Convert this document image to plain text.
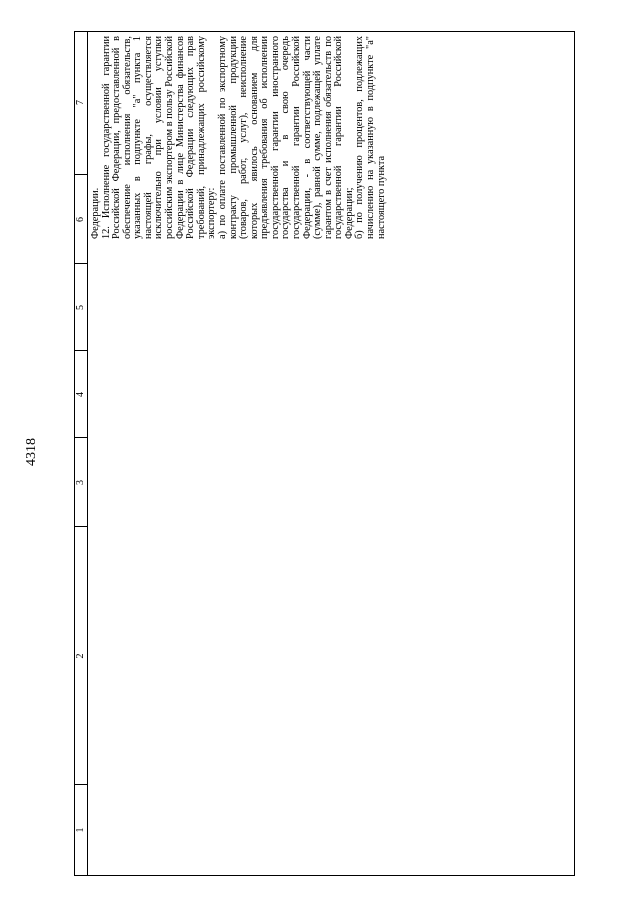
4318
1
2
3
4
5
6
7

Федерации. 12. Исполнение государственной гарантии Российской Федерации, предоставленной в обеспечение исполнения обязательств, указанных в подпункте "а" пункта 1 настоящей графы, осуществляется исключительно при условии уступки российским экспортером в пользу Российской Федерации в лице Министерства финансов Российской Федерации следующих прав требований, принадлежащих российскому экспортеру: а) по оплате поставленной по экспортному контракту промышленной продукции (товаров, работ, услуг), неисполнение которых явилось основанием для предъявления требования об исполнении государственной гарантии иностранного государства и в свою очередь государственной гарантии Российской Федерации, - в соответствующей части (сумме), равной сумме, подлежащей уплате гарантом в счет исполнения обязательств по государственной гарантии Российской Федерации; б) по получению процентов, подлежащих начислению на указанную в подпункте "а" настоящего пункта
